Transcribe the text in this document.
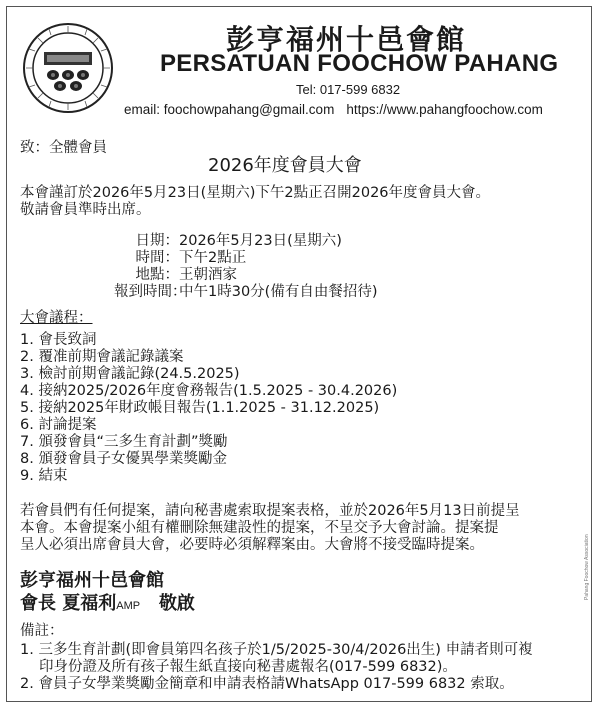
彭亨福州十邑會館
PERSATUAN FOOCHOW PAHANG
Tel: 017-599 6832
email: foochowpahang@gmail.com https://www.pahangfoochow.com
致：全體會員
2026年度會員大會
本會謹訂於2026年5月23日(星期六)下午2點正召開2026年度會員大會。
敬請會員準時出席。
日期：2026年5月23日(星期六)
時間：下午2點正
地點：王朝酒家
報到時間：中午1時30分(備有自由餐招待)
大會議程：
1. 會長致詞
2. 覆准前期會議記錄議案
3. 檢討前期會議記錄(24.5.2025)
4. 接納2025/2026年度會務報告(1.5.2025 - 30.4.2026)
5. 接納2025年財政帳目報告(1.1.2025 - 31.12.2025)
6. 討論提案
7. 頒發會員“三多生育計劃”獎勵
8. 頒發會員子女優異學業獎勵金
9. 結束
若會員們有任何提案，請向秘書處索取提案表格，並於2026年5月13日前提呈
本會。本會提案小組有權刪除無建設性的提案，不呈交予大會討論。提案提
呈人必須出席會員大會，必要時必須解釋案由。大會將不接受臨時提案。
彭亨福州十邑會館
會長 夏福利AMP 敬啟
備註：
1. 三多生育計劃(即會員第四名孩子於1/5/2025-30/4/2026出生) 申請者則可複
印身份證及所有孩子報生紙直接向秘書處報名(017-599 6832)。
2. 會員子女學業獎勵金簡章和申請表格請WhatsApp 017-599 6832 索取。
Pahang Foochow Association
